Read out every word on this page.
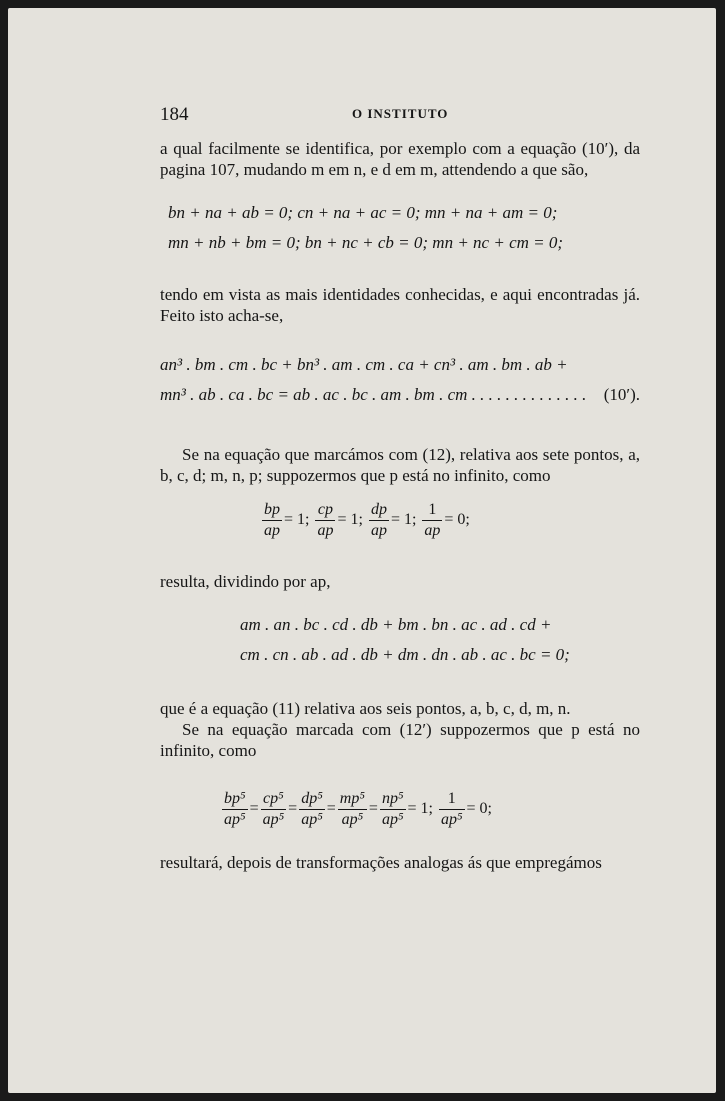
184	O INSTITUTO

a qual facilmente se identifica, por exemplo com a equação (10′), da pagina 107, mudando m em n, e d em m, attendendo a que são,

bn + na + ab = 0; cn + na + ac = 0; mn + na + am = 0;
mn + nb + bm = 0; bn + nc + cb = 0; mn + nc + cm = 0;

tendo em vista as mais identidades conhecidas, e aqui encontradas já. Feito isto acha-se,

an³ . bm . cm . bc + bn³ . am . cm . ca + cn³ . am . bm . ab +
mn³ . ab . ca . bc = ab . ac . bc . am . bm . cm . . . . . . . . . . . . . . (10′).

Se na equação que marcámos com (12), relativa aos sete pontos, a, b, c, d; m, n, p; suppozermos que p está no infinito, como

$\frac{bp}{ap} = 1$; $\frac{cp}{ap} = 1$; $\frac{dp}{ap} = 1$; $\frac{1}{ap} = 0$;

resulta, dividindo por ap,

am . an . bc . cd . db + bm . bn . ac . ad . cd +
cm . cn . ab . ad . db + dm . dn . ab . ac . bc = 0;

que é a equação (11) relativa aos seis pontos, a, b, c, d, m, n.

Se na equação marcada com (12′) suppozermos que p está no infinito, como

$\frac{\text{bp⁵}}{\text{ap⁵}} = \frac{\text{cp⁵}}{\text{ap⁵}} = \frac{\text{dp⁵}}{\text{ap⁵}} = \frac{\text{mp⁵}}{\text{ap⁵}} = \frac{\text{np⁵}}{\text{ap⁵}} = 1$; $\frac{1}{\text{ap⁵}} = 0$;

resultará, depois de transformações analogas ás que empregámos
